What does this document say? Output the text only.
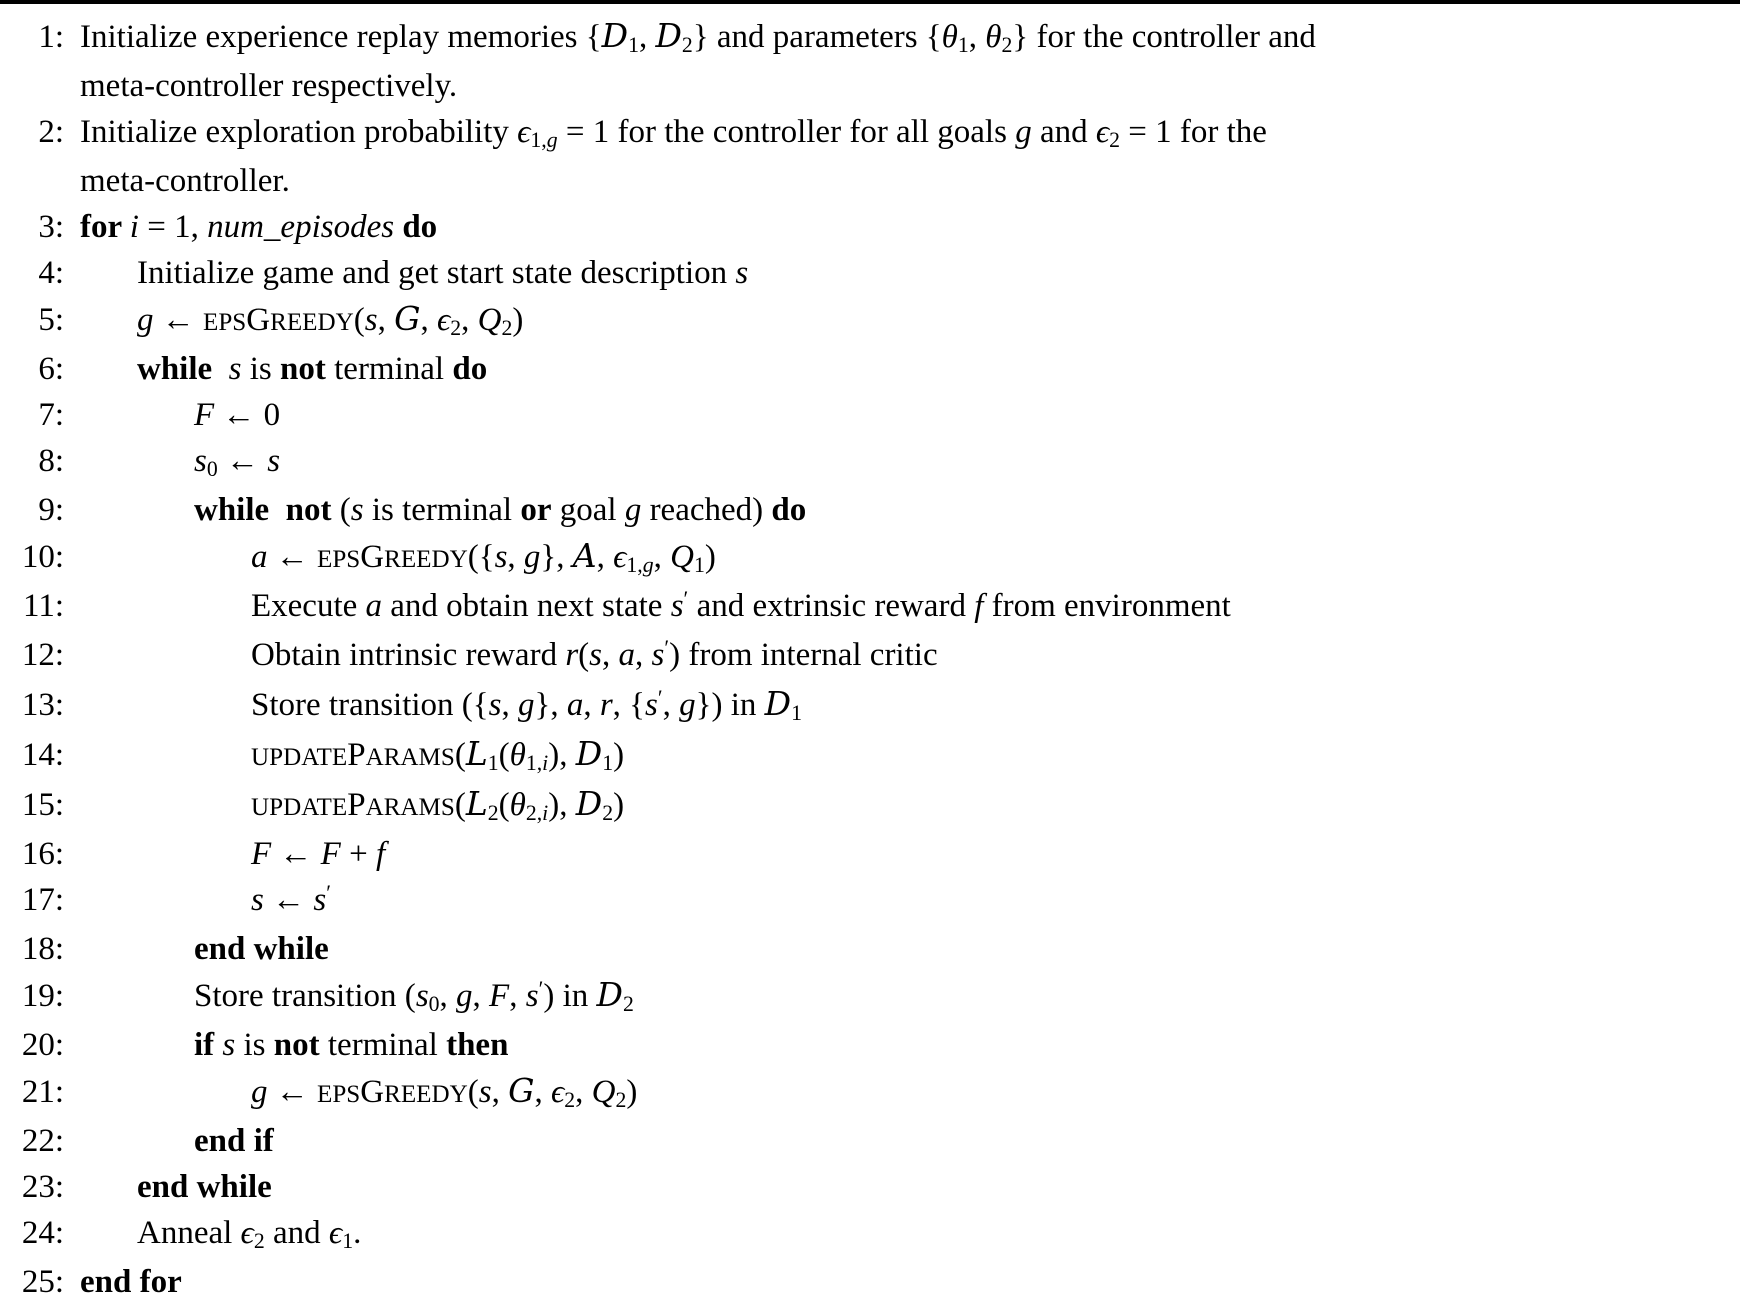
1: Initialize experience replay memories {D1, D2} and parameters {θ1, θ2} for the controller and
meta-controller respectively.
2: Initialize exploration probability ϵ1,g = 1 for the controller for all goals g and ϵ2 = 1 for the
meta-controller.
3: for i = 1, num_episodes do
4:	Initialize game and get start state description s
5:	g ← EPSGREEDY(s, G, ϵ2, Q2)
6:	while s is not terminal do
7:	F ← 0
8:	s0 ← s
9:	while not (s is terminal or goal g reached) do
10:	a ← EPSGREEDY({s, g}, A, ϵ1,g, Q1)
11:	Execute a and obtain next state s′ and extrinsic reward f from environment
12:	Obtain intrinsic reward r(s, a, s′) from internal critic
13:	Store transition ({s, g}, a, r, {s′, g}) in D1
14:	UPDATEPARAMS(L1(θ1,i), D1)
15:	UPDATEPARAMS(L2(θ2,i), D2)
16:	F ← F + f
17:	s ← s′
18:	end while
19:	Store transition (s0, g, F, s′) in D2
20:	if s is not terminal then
21:	g ← EPSGREEDY(s, G, ϵ2, Q2)
22:	end if
23:	end while
24:	Anneal ϵ2 and ϵ1.
25: end for
